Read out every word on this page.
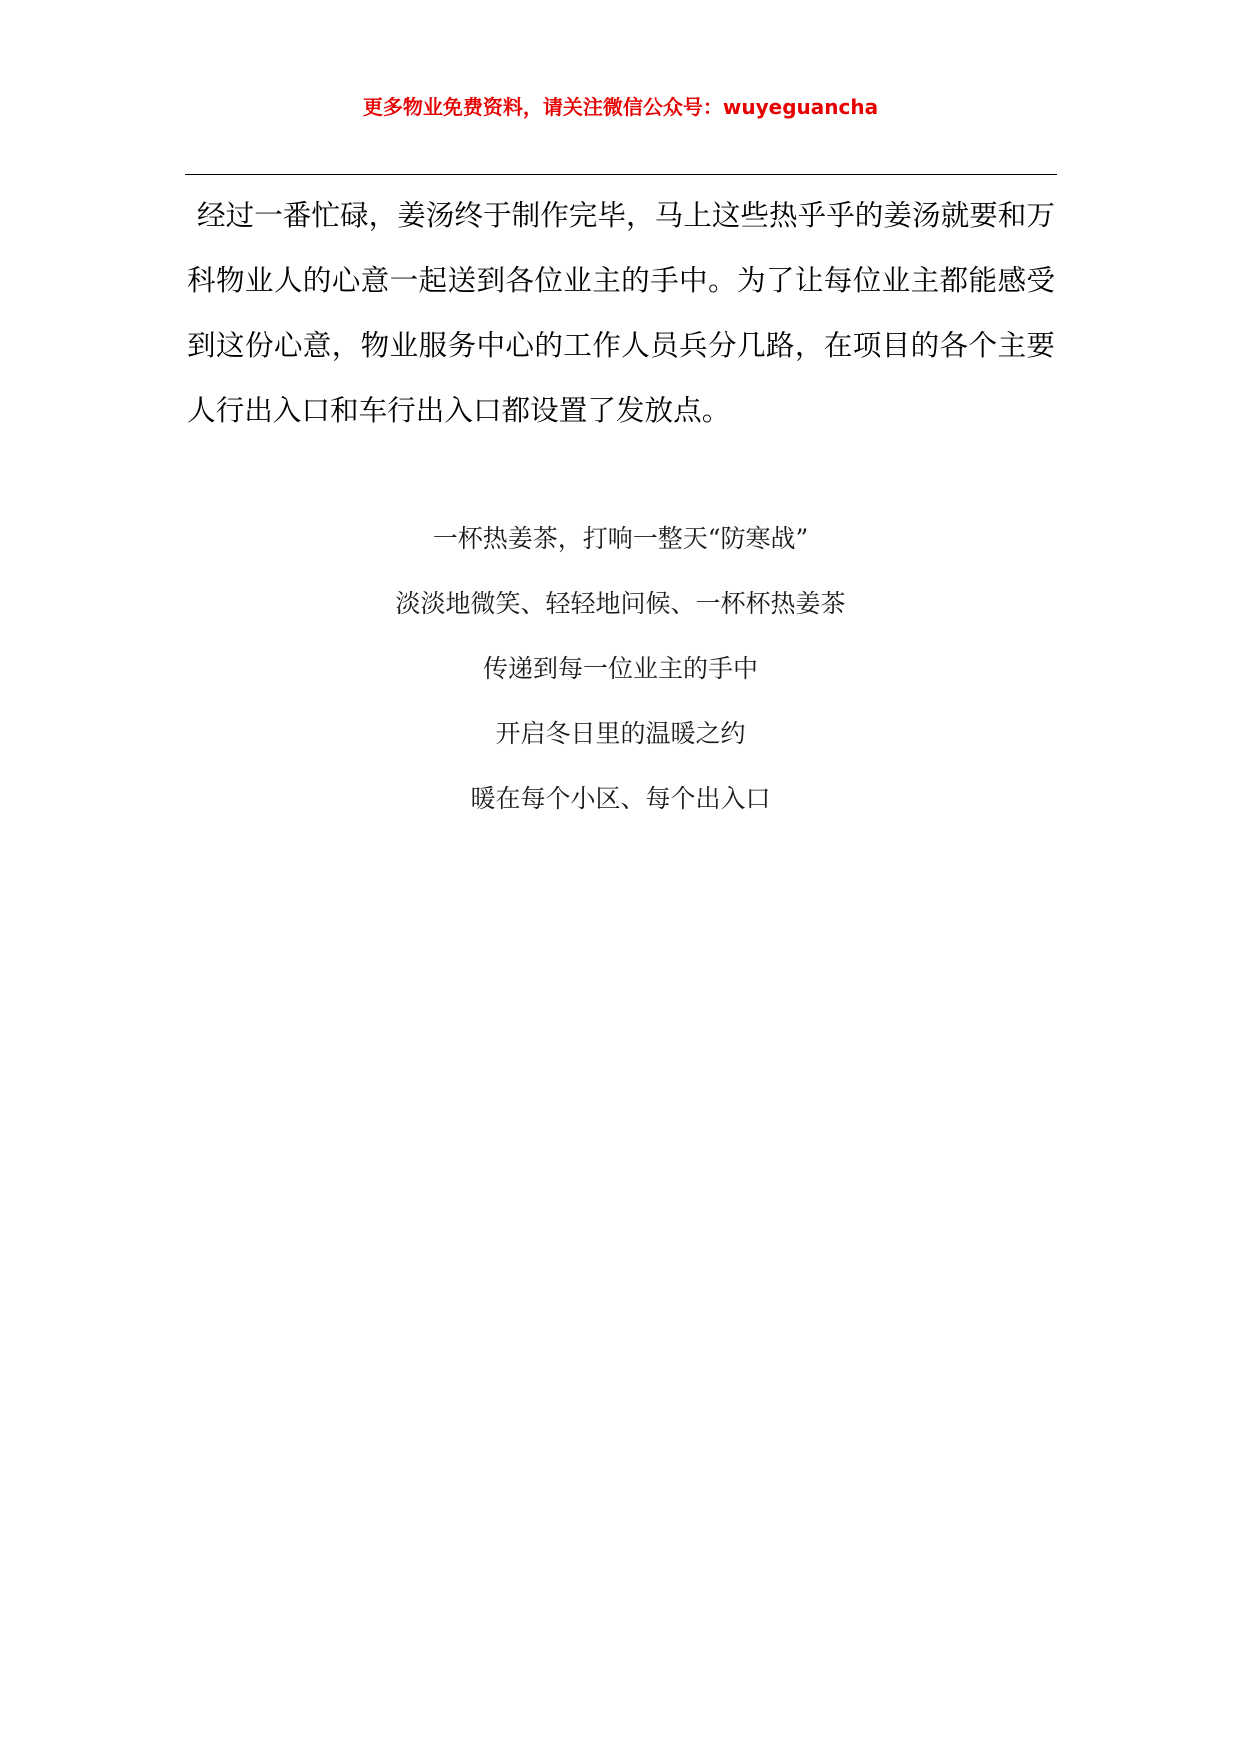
更多物业免费资料，请关注微信公众号：wuyeguancha

经过一番忙碌，姜汤终于制作完毕，马上这些热乎乎的姜汤就要和万科物业人的心意一起送到各位业主的手中。为了让每位业主都能感受到这份心意，物业服务中心的工作人员兵分几路，在项目的各个主要人行出入口和车行出入口都设置了发放点。

一杯热姜茶，打响一整天“防寒战”
淡淡地微笑、轻轻地问候、一杯杯热姜茶
传递到每一位业主的手中
开启冬日里的温暖之约
暖在每个小区、每个出入口
